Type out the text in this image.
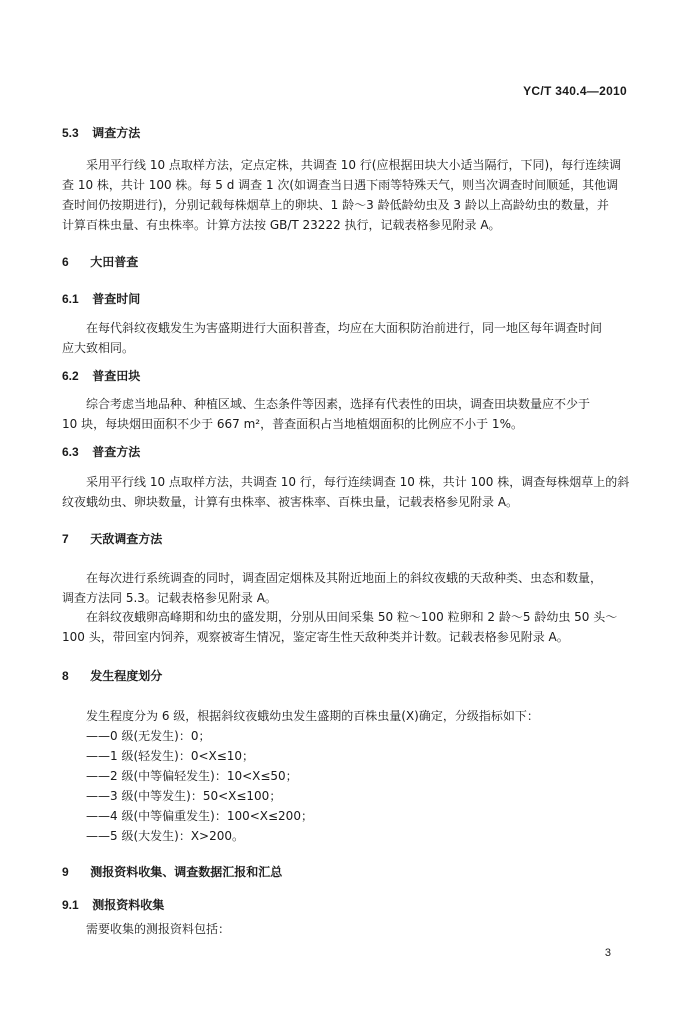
YC/T 340.4—2010
5.3 调查方法
采用平行线 10 点取样方法，定点定株，共调查 10 行(应根据田块大小适当隔行，下同)，每行连续调
查 10 株，共计 100 株。每 5 d 调查 1 次(如调查当日遇下雨等特殊天气，则当次调查时间顺延，其他调
查时间仍按期进行)，分别记载每株烟草上的卵块、1 龄～3 龄低龄幼虫及 3 龄以上高龄幼虫的数量，并
计算百株虫量、有虫株率。计算方法按 GB/T 23222 执行，记载表格参见附录 A。
6 大田普查
6.1 普查时间
在每代斜纹夜蛾发生为害盛期进行大面积普查，均应在大面积防治前进行，同一地区每年调查时间
应大致相同。
6.2 普查田块
综合考虑当地品种、种植区域、生态条件等因素，选择有代表性的田块，调查田块数量应不少于
10 块，每块烟田面积不少于 667 m²，普查面积占当地植烟面积的比例应不小于 1%。
6.3 普查方法
采用平行线 10 点取样方法，共调查 10 行，每行连续调查 10 株，共计 100 株，调查每株烟草上的斜
纹夜蛾幼虫、卵块数量，计算有虫株率、被害株率、百株虫量，记载表格参见附录 A。
7 天敌调查方法
在每次进行系统调查的同时，调查固定烟株及其附近地面上的斜纹夜蛾的天敌种类、虫态和数量，
调查方法同 5.3。记载表格参见附录 A。
在斜纹夜蛾卵高峰期和幼虫的盛发期，分别从田间采集 50 粒～100 粒卵和 2 龄～5 龄幼虫 50 头～
100 头，带回室内饲养，观察被寄生情况，鉴定寄生性天敌种类并计数。记载表格参见附录 A。
8 发生程度划分
发生程度分为 6 级，根据斜纹夜蛾幼虫发生盛期的百株虫量(X)确定，分级指标如下：
——0 级(无发生)：0；
——1 级(轻发生)：0<X≤10；
——2 级(中等偏轻发生)：10<X≤50；
——3 级(中等发生)：50<X≤100；
——4 级(中等偏重发生)：100<X≤200；
——5 级(大发生)：X>200。
9 测报资料收集、调查数据汇报和汇总
9.1 测报资料收集
需要收集的测报资料包括：
3
